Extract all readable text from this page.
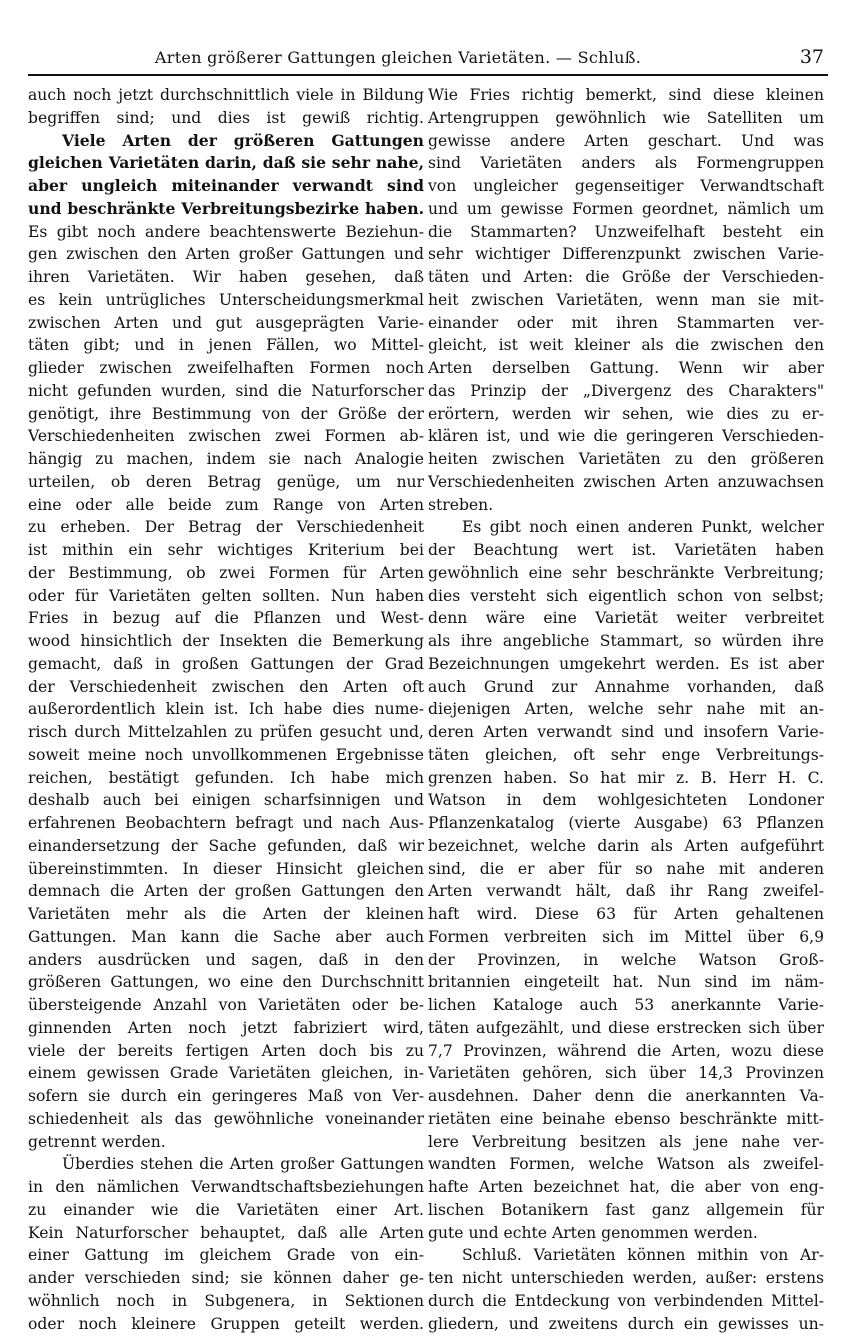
Arten größerer Gattungen gleichen Varietäten. — Schluß.	37
auch noch jetzt durchschnittlich viele in Bildung
begriffen sind; und dies ist gewiß richtig.
Viele Arten der größeren Gattungen
gleichen Varietäten darin, daß sie sehr nahe,
aber ungleich miteinander verwandt sind
und beschränkte Verbreitungsbezirke haben.
Es gibt noch andere beachtenswerte Beziehun-
gen zwischen den Arten großer Gattungen und
ihren Varietäten. Wir haben gesehen, daß
es kein untrügliches Unterscheidungsmerkmal
zwischen Arten und gut ausgeprägten Varie-
täten gibt; und in jenen Fällen, wo Mittel-
glieder zwischen zweifelhaften Formen noch
nicht gefunden wurden, sind die Naturforscher
genötigt, ihre Bestimmung von der Größe der
Verschiedenheiten zwischen zwei Formen ab-
hängig zu machen, indem sie nach Analogie
urteilen, ob deren Betrag genüge, um nur
eine oder alle beide zum Range von Arten
zu erheben. Der Betrag der Verschiedenheit
ist mithin ein sehr wichtiges Kriterium bei
der Bestimmung, ob zwei Formen für Arten
oder für Varietäten gelten sollten. Nun haben
Fries in bezug auf die Pflanzen und West-
wood hinsichtlich der Insekten die Bemerkung
gemacht, daß in großen Gattungen der Grad
der Verschiedenheit zwischen den Arten oft
außerordentlich klein ist. Ich habe dies nume-
risch durch Mittelzahlen zu prüfen gesucht und,
soweit meine noch unvollkommenen Ergebnisse
reichen, bestätigt gefunden. Ich habe mich
deshalb auch bei einigen scharfsinnigen und
erfahrenen Beobachtern befragt und nach Aus-
einandersetzung der Sache gefunden, daß wir
übereinstimmten. In dieser Hinsicht gleichen
demnach die Arten der großen Gattungen den
Varietäten mehr als die Arten der kleinen
Gattungen. Man kann die Sache aber auch
anders ausdrücken und sagen, daß in den
größeren Gattungen, wo eine den Durchschnitt
übersteigende Anzahl von Varietäten oder be-
ginnenden Arten noch jetzt fabriziert wird,
viele der bereits fertigen Arten doch bis zu
einem gewissen Grade Varietäten gleichen, in-
sofern sie durch ein geringeres Maß von Ver-
schiedenheit als das gewöhnliche voneinander
getrennt werden.
Überdies stehen die Arten großer Gattungen
in den nämlichen Verwandtschaftsbeziehungen
zu einander wie die Varietäten einer Art.
Kein Naturforscher behauptet, daß alle Arten
einer Gattung im gleichem Grade von ein-
ander verschieden sind; sie können daher ge-
wöhnlich noch in Subgenera, in Sektionen
oder noch kleinere Gruppen geteilt werden.
Wie Fries richtig bemerkt, sind diese kleinen
Artengruppen gewöhnlich wie Satelliten um
gewisse andere Arten geschart. Und was
sind Varietäten anders als Formengruppen
von ungleicher gegenseitiger Verwandtschaft
und um gewisse Formen geordnet, nämlich um
die Stammarten? Unzweifelhaft besteht ein
sehr wichtiger Differenzpunkt zwischen Varie-
täten und Arten: die Größe der Verschieden-
heit zwischen Varietäten, wenn man sie mit-
einander oder mit ihren Stammarten ver-
gleicht, ist weit kleiner als die zwischen den
Arten derselben Gattung. Wenn wir aber
das Prinzip der „Divergenz des Charakters"
erörtern, werden wir sehen, wie dies zu er-
klären ist, und wie die geringeren Verschieden-
heiten zwischen Varietäten zu den größeren
Verschiedenheiten zwischen Arten anzuwachsen
streben.
Es gibt noch einen anderen Punkt, welcher
der Beachtung wert ist. Varietäten haben
gewöhnlich eine sehr beschränkte Verbreitung;
dies versteht sich eigentlich schon von selbst;
denn wäre eine Varietät weiter verbreitet
als ihre angebliche Stammart, so würden ihre
Bezeichnungen umgekehrt werden. Es ist aber
auch Grund zur Annahme vorhanden, daß
diejenigen Arten, welche sehr nahe mit an-
deren Arten verwandt sind und insofern Varie-
täten gleichen, oft sehr enge Verbreitungs-
grenzen haben. So hat mir z. B. Herr H. C.
Watson in dem wohlgesichteten Londoner
Pflanzenkatalog (vierte Ausgabe) 63 Pflanzen
bezeichnet, welche darin als Arten aufgeführt
sind, die er aber für so nahe mit anderen
Arten verwandt hält, daß ihr Rang zweifel-
haft wird. Diese 63 für Arten gehaltenen
Formen verbreiten sich im Mittel über 6,9
der Provinzen, in welche Watson Groß-
britannien eingeteilt hat. Nun sind im näm-
lichen Kataloge auch 53 anerkannte Varie-
täten aufgezählt, und diese erstrecken sich über
7,7 Provinzen, während die Arten, wozu diese
Varietäten gehören, sich über 14,3 Provinzen
ausdehnen. Daher denn die anerkannten Va-
rietäten eine beinahe ebenso beschränkte mitt-
lere Verbreitung besitzen als jene nahe ver-
wandten Formen, welche Watson als zweifel-
hafte Arten bezeichnet hat, die aber von eng-
lischen Botanikern fast ganz allgemein für
gute und echte Arten genommen werden.
Schluß. Varietäten können mithin von Ar-
ten nicht unterschieden werden, außer: erstens
durch die Entdeckung von verbindenden Mittel-
gliedern, und zweitens durch ein gewisses un-
